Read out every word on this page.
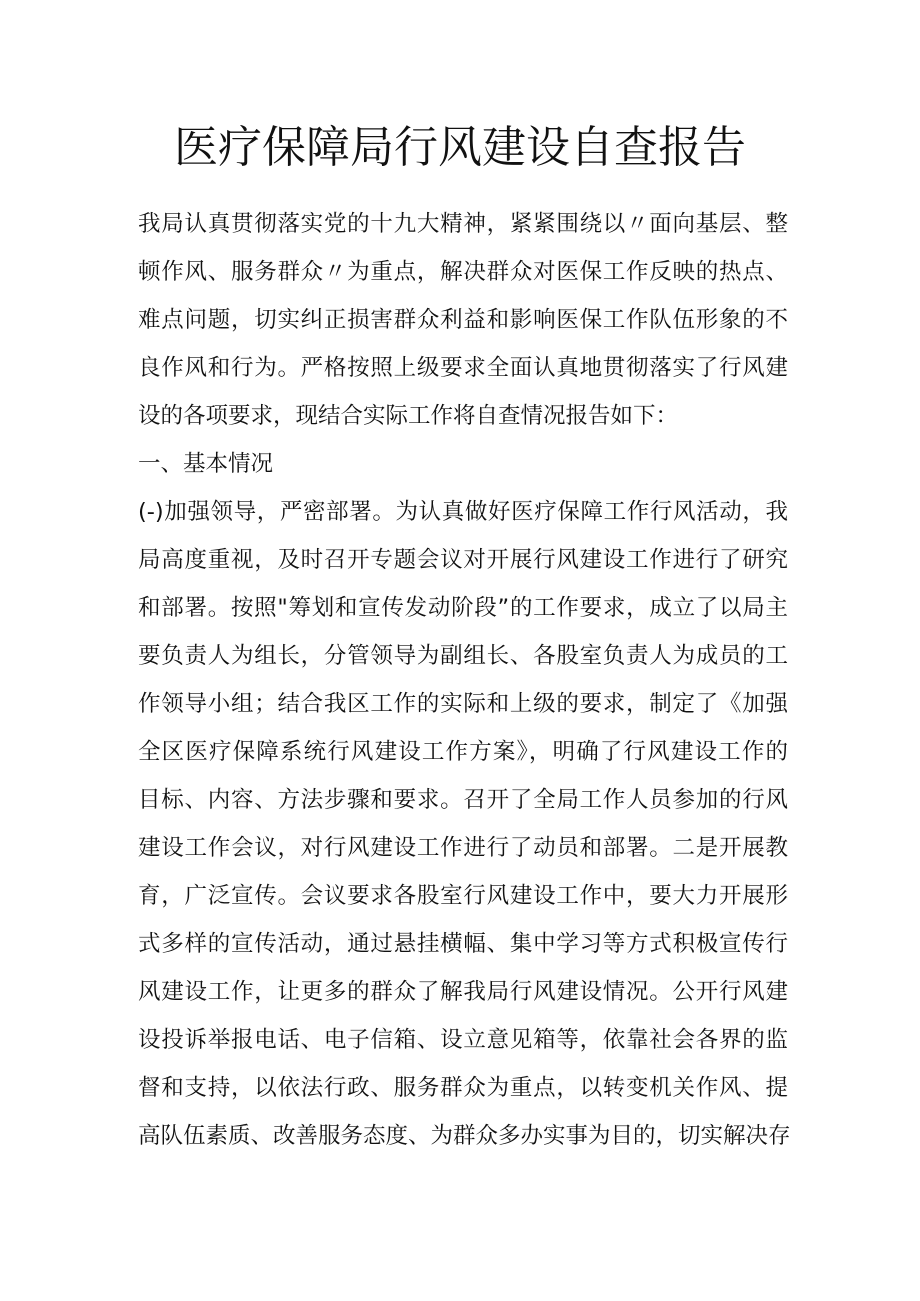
医疗保障局行风建设自查报告
我局认真贯彻落实党的十九大精神，紧紧围绕以〃面向基层、整
顿作风、服务群众〃为重点，解决群众对医保工作反映的热点、
难点问题，切实纠正损害群众利益和影响医保工作队伍形象的不
良作风和行为。严格按照上级要求全面认真地贯彻落实了行风建
设的各项要求，现结合实际工作将自查情况报告如下：
一、基本情况
(-)加强领导，严密部署。为认真做好医疗保障工作行风活动，我
局高度重视，及时召开专题会议对开展行风建设工作进行了研究
和部署。按照"筹划和宣传发动阶段”的工作要求，成立了以局主
要负责人为组长，分管领导为副组长、各股室负责人为成员的工
作领导小组；结合我区工作的实际和上级的要求，制定了《加强
全区医疗保障系统行风建设工作方案》，明确了行风建设工作的
目标、内容、方法步骤和要求。召开了全局工作人员参加的行风
建设工作会议，对行风建设工作进行了动员和部署。二是开展教
育，广泛宣传。会议要求各股室行风建设工作中，要大力开展形
式多样的宣传活动，通过悬挂横幅、集中学习等方式积极宣传行
风建设工作，让更多的群众了解我局行风建设情况。公开行风建
设投诉举报电话、电子信箱、设立意见箱等，依靠社会各界的监
督和支持，以依法行政、服务群众为重点，以转变机关作风、提
高队伍素质、改善服务态度、为群众多办实事为目的，切实解决存
